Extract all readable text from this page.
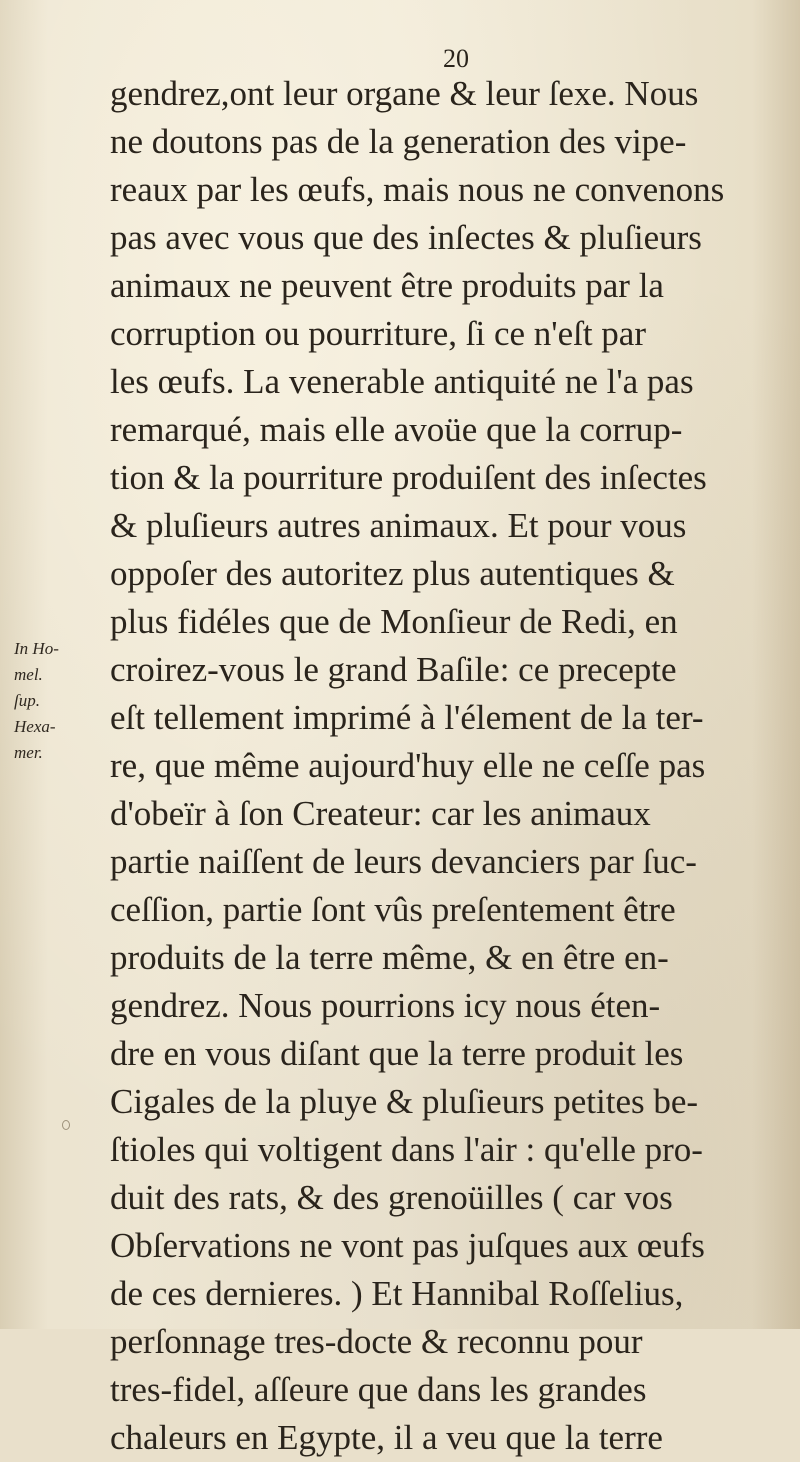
20
In Ho-
mel.
ſup.
Hexa-
mer.
gendrez,ont leur organe & leur ſexe. Nous
ne doutons pas de la generation des vipe-
reaux par les œufs, mais nous ne convenons
pas avec vous que des inſectes & pluſieurs
animaux ne peuvent être produits par la
corruption ou pourriture, ſi ce n'eſt par
les œufs. La venerable antiquité ne l'a pas
remarqué, mais elle avoüe que la corrup-
tion & la pourriture produiſent des inſectes
& pluſieurs autres animaux. Et pour vous
oppoſer des autoritez plus autentiques &
plus fidéles que de Monſieur de Redi, en
croirez-vous le grand Baſile: ce precepte
eſt tellement imprimé à l'élement de la ter-
re, que même aujourd'huy elle ne ceſſe pas
d'obeïr à ſon Createur: car les animaux
partie naiſſent de leurs devanciers par ſuc-
ceſſion, partie ſont vûs preſentement être
produits de la terre même, & en être en-
gendrez. Nous pourrions icy nous éten-
dre en vous diſant que la terre produit les
Cigales de la pluye & pluſieurs petites be-
ſtioles qui voltigent dans l'air : qu'elle pro-
duit des rats, & des grenoüilles ( car vos
Obſervations ne vont pas juſques aux œufs
de ces dernieres. ) Et Hannibal Roſſelius,
perſonnage tres-docte & reconnu pour
tres-fidel, aſſeure que dans les grandes
chaleurs en Egypte, il a veu que la terre
